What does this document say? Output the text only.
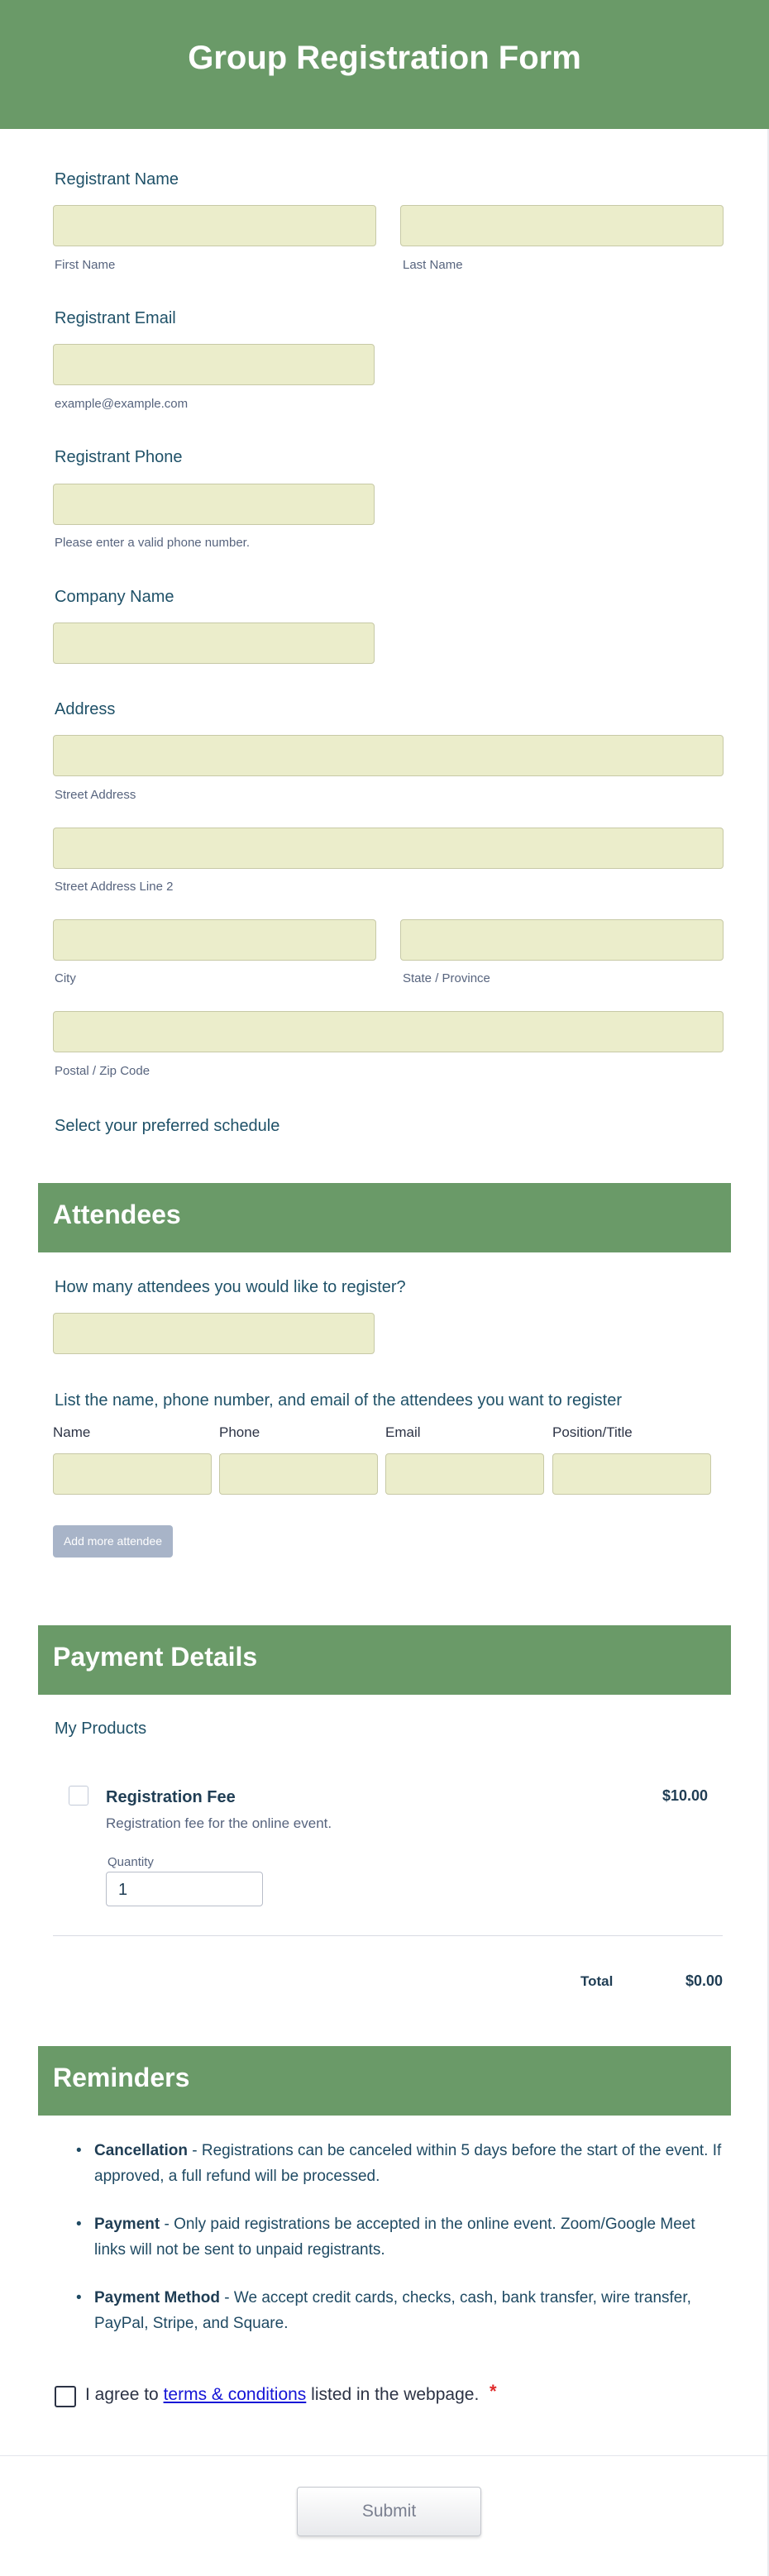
Group Registration Form
Registrant Name
First Name	Last Name
Registrant Email
example@example.com
Registrant Phone
Please enter a valid phone number.
Company Name
Address
Street Address
Street Address Line 2
City	State / Province
Postal / Zip Code
Select your preferred schedule
Attendees
How many attendees you would like to register?
List the name, phone number, and email of the attendees you want to register
Name	Phone	Email	Position/Title
Add more attendee
Payment Details
My Products
Registration Fee
Registration fee for the online event.
$10.00
Quantity
1
Total	$0.00
Reminders
• Cancellation - Registrations can be canceled within 5 days before the start of the event. If approved, a full refund will be processed.
• Payment - Only paid registrations be accepted in the online event. Zoom/Google Meet links will not be sent to unpaid registrants.
• Payment Method - We accept credit cards, checks, cash, bank transfer, wire transfer, PayPal, Stripe, and Square.
I agree to terms & conditions listed in the webpage. *
Submit
